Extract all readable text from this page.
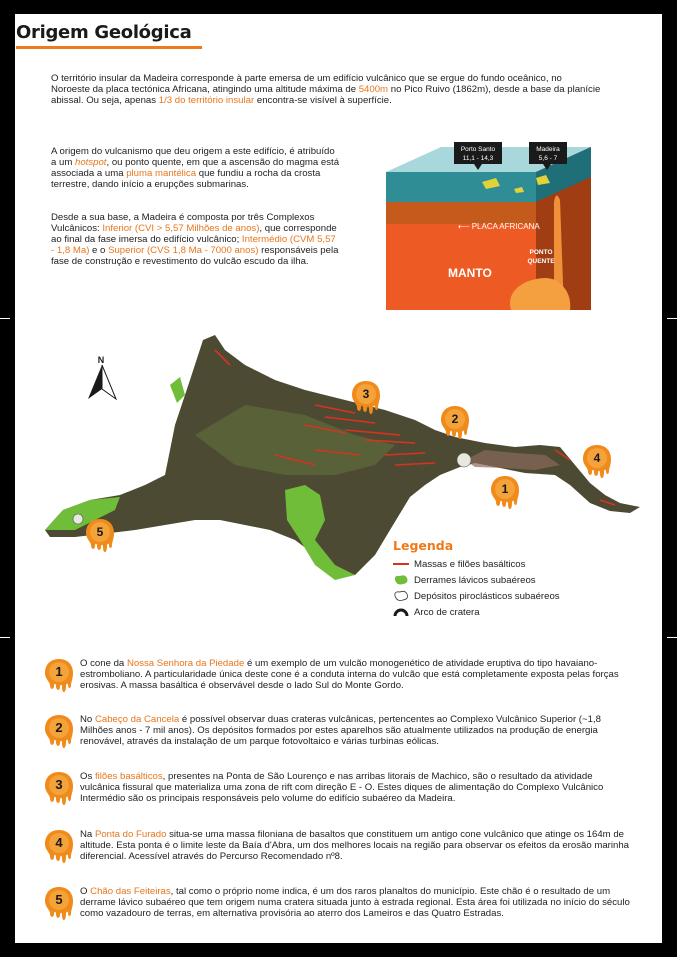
Origem Geológica

O território insular da Madeira corresponde à parte emersa de um edifício vulcânico que se ergue do fundo oceânico, no Noroeste da placa tectónica Africana, atingindo uma altitude máxima de 5400m no Pico Ruivo (1862m), desde a base da planície abissal. Ou seja, apenas 1/3 do território insular encontra-se visível à superfície.

A origem do vulcanismo que deu origem a este edifício, é atribuído a um hotspot, ou ponto quente, em que a ascensão do magma está associada a uma pluma mantélica que fundiu a rocha da crosta terrestre, dando início a erupções submarinas.

Desde a sua base, a Madeira é composta por três Complexos Vulcânicos: Inferior (CVI > 5,57 Milhões de anos), que corresponde ao final da fase imersa do edifício vulcânico; Intermédio (CVM 5,57 - 1,8 Ma) e o Superior (CVS 1,8 Ma - 7000 anos) responsáveis pela fase de construção e revestimento do vulcão escudo da ilha.

Porto Santo
11,1 - 14,3
Madeira
5,6 - 7
⟵ PLACA AFRICANA
MANTO
PONTO
QUENTE
N
3
2
4
1
5
Legenda
Massas e filões basálticos
Derrames lávicos subaéreos
Depósitos piroclásticos subaéreos
Arco de cratera
1

O cone da Nossa Senhora da Piedade é um exemplo de um vulcão monogenético de atividade eruptiva do tipo havaiano-estromboliano. A particularidade única deste cone é a conduta interna do vulcão que está completamente exposta pelas forças erosivas. A massa basáltica é observável desde o lado Sul do Monte Gordo.

2

No Cabeço da Cancela é possível observar duas crateras vulcânicas, pertencentes ao Complexo Vulcânico Superior (~1,8 Milhões anos - 7 mil anos). Os depósitos formados por estes aparelhos são atualmente utilizados na produção de energia renovável, através da instalação de um parque fotovoltaico e várias turbinas eólicas.

3

Os filões basálticos, presentes na Ponta de São Lourenço e nas arribas litorais de Machico, são o resultado da atividade vulcânica fissural que materializa uma zona de rift com direção E - O. Estes diques de alimentação do Complexo Vulcânico Intermédio são os principais responsáveis pelo volume do edifício subaéreo da Madeira.

4

Na Ponta do Furado situa-se uma massa filoniana de basaltos que constituem um antigo cone vulcânico que atinge os 164m de altitude. Esta ponta é o limite leste da Baía d'Abra, um dos melhores locais na região para observar os efeitos da erosão marinha diferencial. Acessível através do Percurso Recomendado nº8.

5

O Chão das Feiteiras, tal como o próprio nome indica, é um dos raros planaltos do município. Este chão é o resultado de um derrame lávico subaéreo que tem origem numa cratera situada junto à estrada regional. Esta área foi utilizada no início do século como vazadouro de terras, em alternativa provisória ao aterro dos Lameiros e das Quatro Estradas.
